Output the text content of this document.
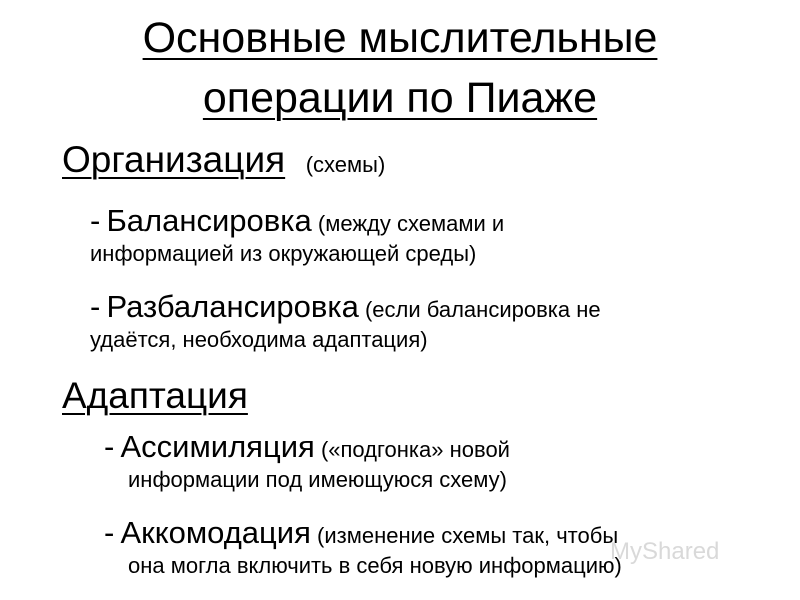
Основные мыслительные
операции по Пиаже
Организация (схемы)
- Балансировка (между схемами и
информацией из окружающей среды)
- Разбалансировка (если балансировка не
удаётся, необходима адаптация)
Адаптация
- Ассимиляция («подгонка» новой
информации под имеющуюся схему)
- Аккомодация (изменение схемы так, чтобы
она могла включить в себя новую информацию)
MyShared
